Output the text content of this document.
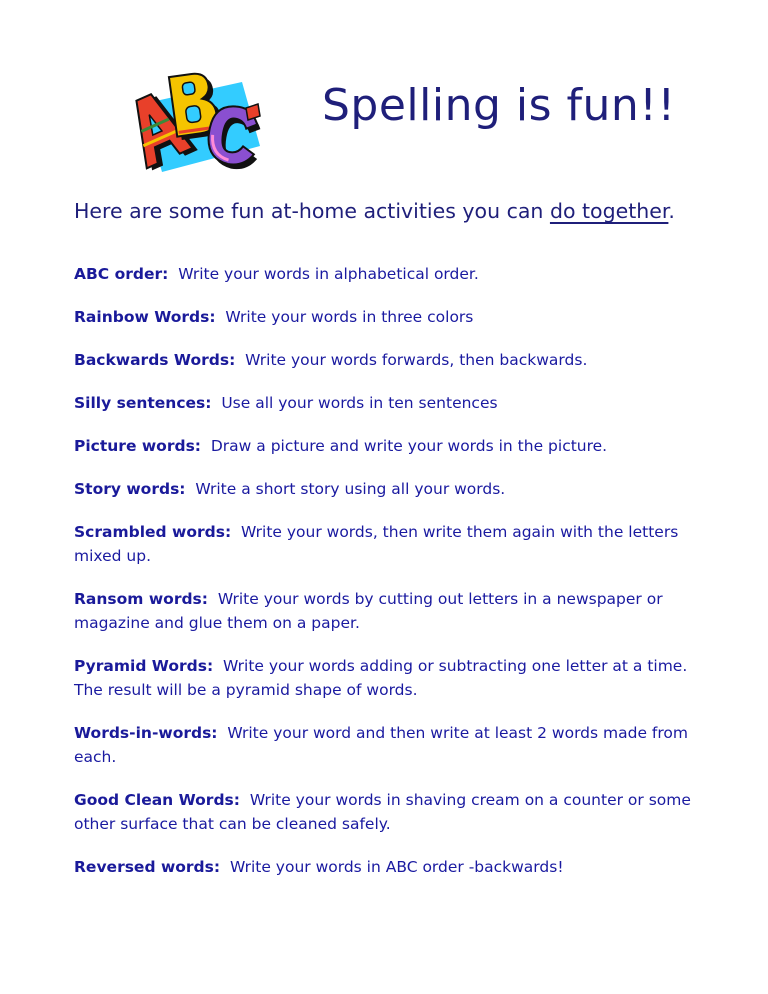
Spelling is fun!!
Here are some fun at-home activities you can do together.
ABC order: Write your words in alphabetical order.
Rainbow Words: Write your words in three colors
Backwards Words: Write your words forwards, then backwards.
Silly sentences: Use all your words in ten sentences
Picture words: Draw a picture and write your words in the picture.
Story words: Write a short story using all your words.
Scrambled words: Write your words, then write them again with the letters mixed up.
Ransom words: Write your words by cutting out letters in a newspaper or magazine and glue them on a paper.
Pyramid Words: Write your words adding or subtracting one letter at a time. The result will be a pyramid shape of words.
Words-in-words: Write your word and then write at least 2 words made from each.
Good Clean Words: Write your words in shaving cream on a counter or some other surface that can be cleaned safely.
Reversed words: Write your words in ABC order -backwards!
